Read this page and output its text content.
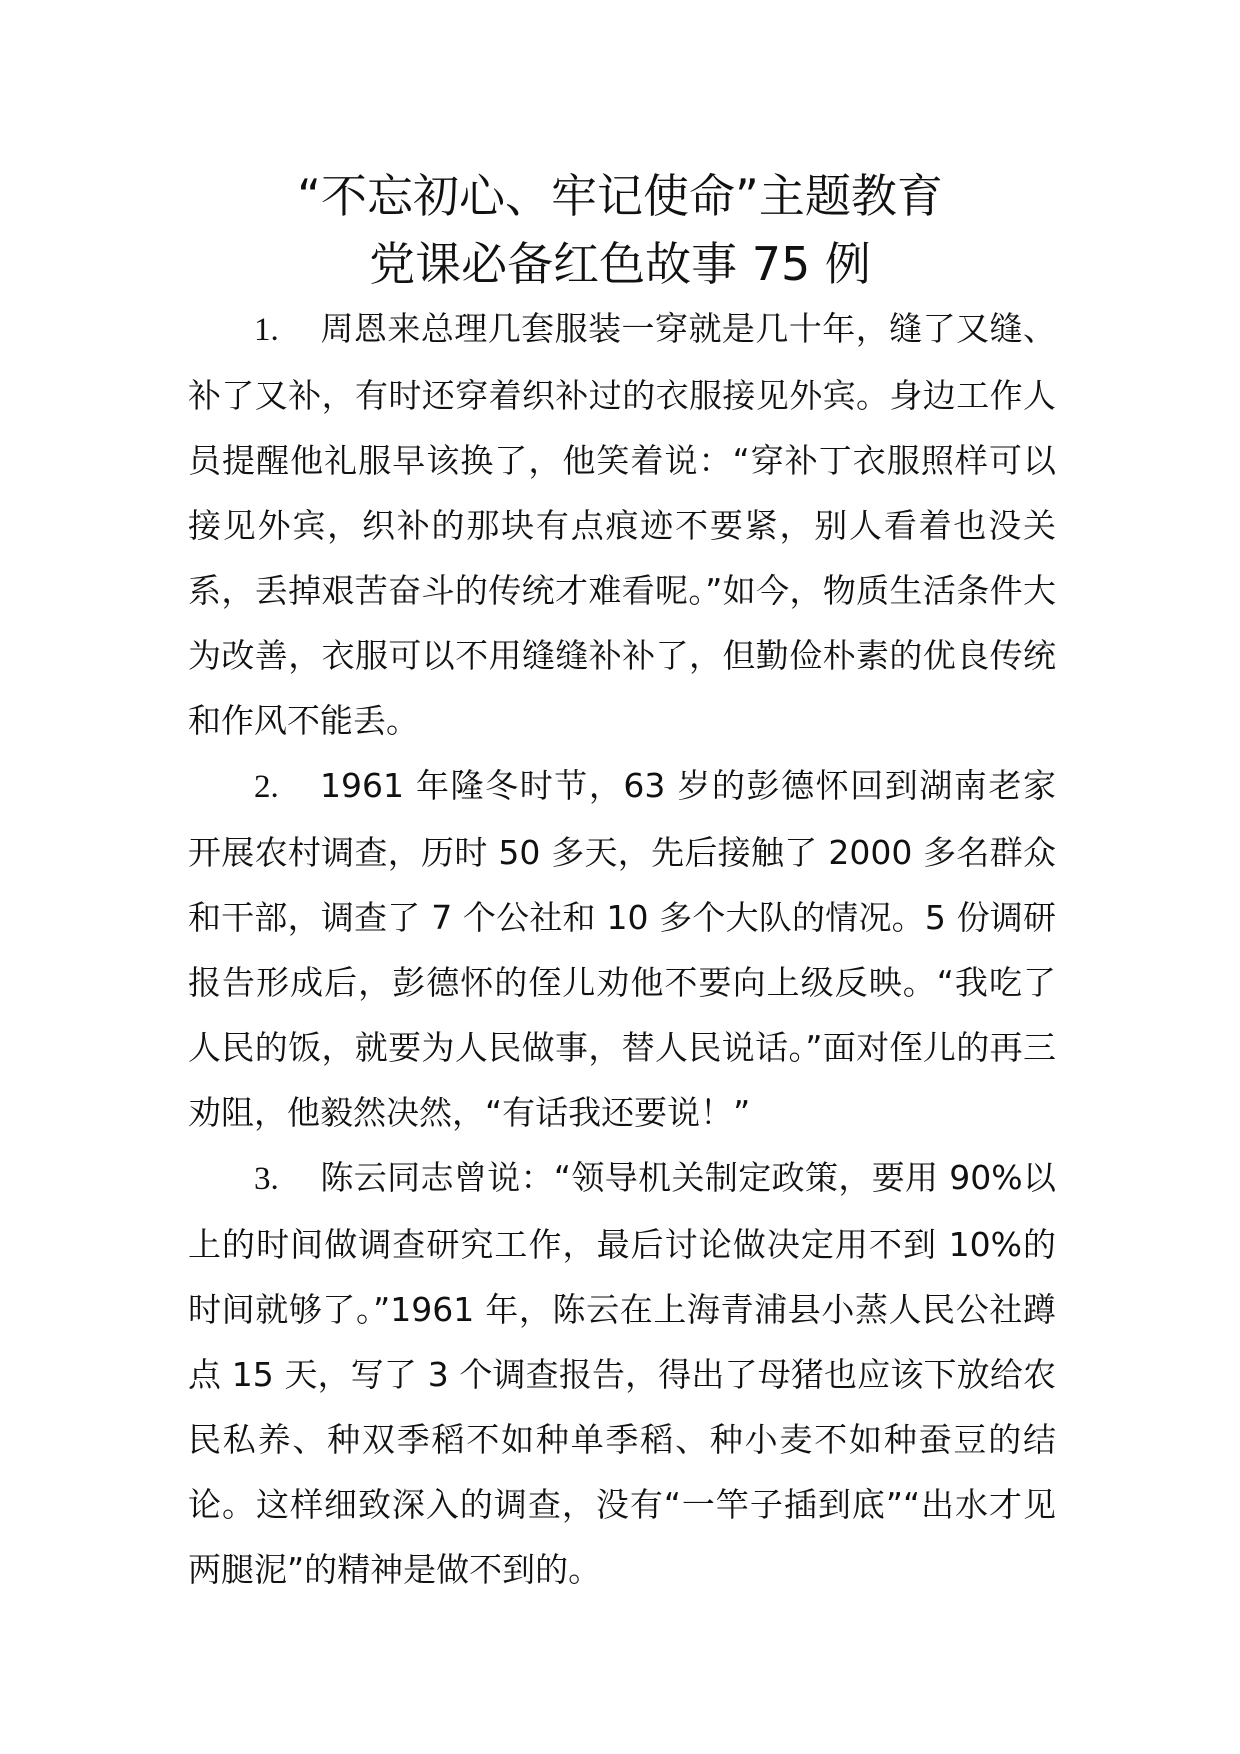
“不忘初心、牢记使命”主题教育
党课必备红色故事 75 例

1. 周恩来总理几套服装一穿就是几十年，缝了又缝、补了又补，有时还穿着织补过的衣服接见外宾。身边工作人员提醒他礼服早该换了，他笑着说：“穿补丁衣服照样可以接见外宾，织补的那块有点痕迹不要紧，别人看着也没关系，丢掉艰苦奋斗的传统才难看呢。”如今，物质生活条件大为改善，衣服可以不用缝缝补补了，但勤俭朴素的优良传统和作风不能丢。

2. 1961 年隆冬时节，63 岁的彭德怀回到湖南老家开展农村调查，历时 50 多天，先后接触了 2000 多名群众和干部，调查了 7 个公社和 10 多个大队的情况。5 份调研报告形成后，彭德怀的侄儿劝他不要向上级反映。“我吃了人民的饭，就要为人民做事，替人民说话。”面对侄儿的再三劝阻，他毅然决然，“有话我还要说！”

3. 陈云同志曾说：“领导机关制定政策，要用 90%以上的时间做调查研究工作，最后讨论做决定用不到 10%的时间就够了。”1961 年，陈云在上海青浦县小蒸人民公社蹲点 15 天，写了 3 个调查报告，得出了母猪也应该下放给农民私养、种双季稻不如种单季稻、种小麦不如种蚕豆的结论。这样细致深入的调查，没有“一竿子插到底”“出水才见两腿泥”的精神是做不到的。
